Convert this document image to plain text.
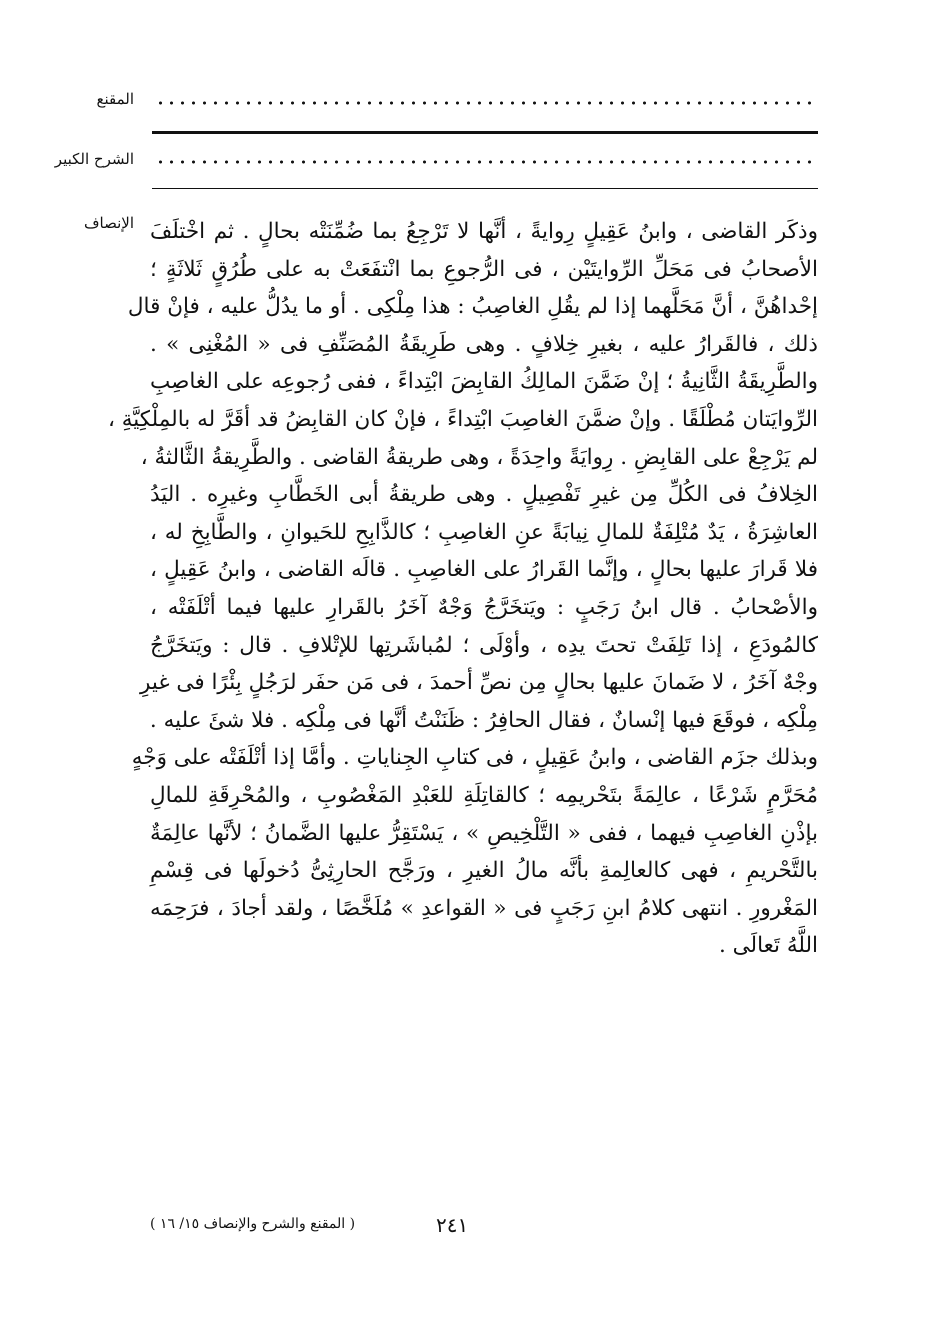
المقنع
الشرح الكبير
الإنصاف وذكَر القاضى ، وابنُ عَقِيلٍ رِوايةً ، أنَّها لا تَرْجِعُ بما ضُمِّنَتْه بحالٍ . ثم اخْتلَفَ
الأصحابُ فى مَحَلِّ الرِّوايتَيْن ، فى الرُّجوعِ بما انْتفَعَتْ به على طُرُقٍ ثَلاثَةٍ ؛
إحْداهُنَّ ، أنَّ مَحَلَّهما إذا لم يقُلِ الغاصِبُ : هذا مِلْكِى . أو ما يدُلُّ عليه ، فإنْ قال
ذلك ، فالقَرارُ عليه ، بغيرِ خِلافٍ . وهى طَرِيقَةُ المُصَنِّفِ فى « المُغْنِى » .
والطَّرِيقَةُ الثَّانِيةُ ؛ إنْ ضَمَّنَ المالِكُ القابِضَ ابْتِداءً ، ففى رُجوعِه على الغاصِبِ
الرِّوايَتان مُطْلَقًا . وإنْ ضمَّنَ الغاصِبَ ابْتِداءً ، فإنْ كان القابِضُ قد أقَرَّ له بالمِلْكِيَّةِ ،
لم يَرْجِعْ على القابِضِ . رِوايَةً واحِدَةً ، وهى طريقةُ القاضى . والطَّرِيقةُ الثَّالثةُ ،
الخِلافُ فى الكُلِّ مِن غيرِ تَفْصِيلٍ . وهى طريقةُ أبى الخَطَّابِ وغيرِه . اليَدُ
العاشِرَةُ ، يَدٌ مُتْلِفَةٌ للمالِ نِيابَةً عنِ الغاصِبِ ؛ كالذَّابِحِ للحَيوانِ ، والطَّابِخِ له ،
فلا قَرارَ عليها بحالٍ ، وإنَّما القَرارُ على الغاصِبِ . قالَه القاضى ، وابنُ عَقِيلٍ ،
والأصْحابُ . قال ابنُ رَجَبٍ : ويَتخَرَّجُ وَجْهٌ آخَرُ بالقَرارِ عليها فيما أتْلَفَتْه ،
كالمُودَعِ ، إذا تَلِفَتْ تحتَ يدِه ، وأوْلَى ؛ لمُباشَرتِها للإتْلافِ . قال : ويَتخَرَّجُ
وجْهٌ آخَرُ ، لا ضَمانَ عليها بحالٍ مِن نصِّ أحمدَ ، فى مَن حفَر لرَجُلٍ بِئْرًا فى غيرِ
مِلْكِه ، فوقَعَ فيها إنْسانٌ ، فقال الحافِرُ : ظَنَنْتُ أنَّها فى مِلْكِه . فلا شئَ عليه .
وبذلك جزَم القاضى ، وابنُ عَقِيلٍ ، فى كتابِ الجِناياتِ . وأمَّا إذا أتْلَفَتْه على وَجْهٍ
مُحَرَّمٍ شَرْعًا ، عالِمَةً بتَحْريمِه ؛ كالقاتِلَةِ للعَبْدِ المَغْصُوبِ ، والمُحْرِقَةِ للمالِ
بإذْنِ الغاصِبِ فيهما ، ففى « التَّلْخِيصِ » ، يَسْتَقِرُّ عليها الضَّمانُ ؛ لأنَّها عالِمَةٌ
بالتَّحْريمِ ، فهى كالعالِمةِ بأنَّه مالُ الغيرِ ، ورَجَّح الحارِثِىُّ دُخولَها فى قِسْمِ
المَغْرورِ . انتهى كلامُ ابنِ رَجَبٍ فى « القواعدِ » مُلَخَّصًا ، ولقد أجادَ ، فرَحِمَه
اللَّهُ تَعالَى .
٢٤١
( المقنع والشرح والإنصاف ١٥/ ١٦ )
